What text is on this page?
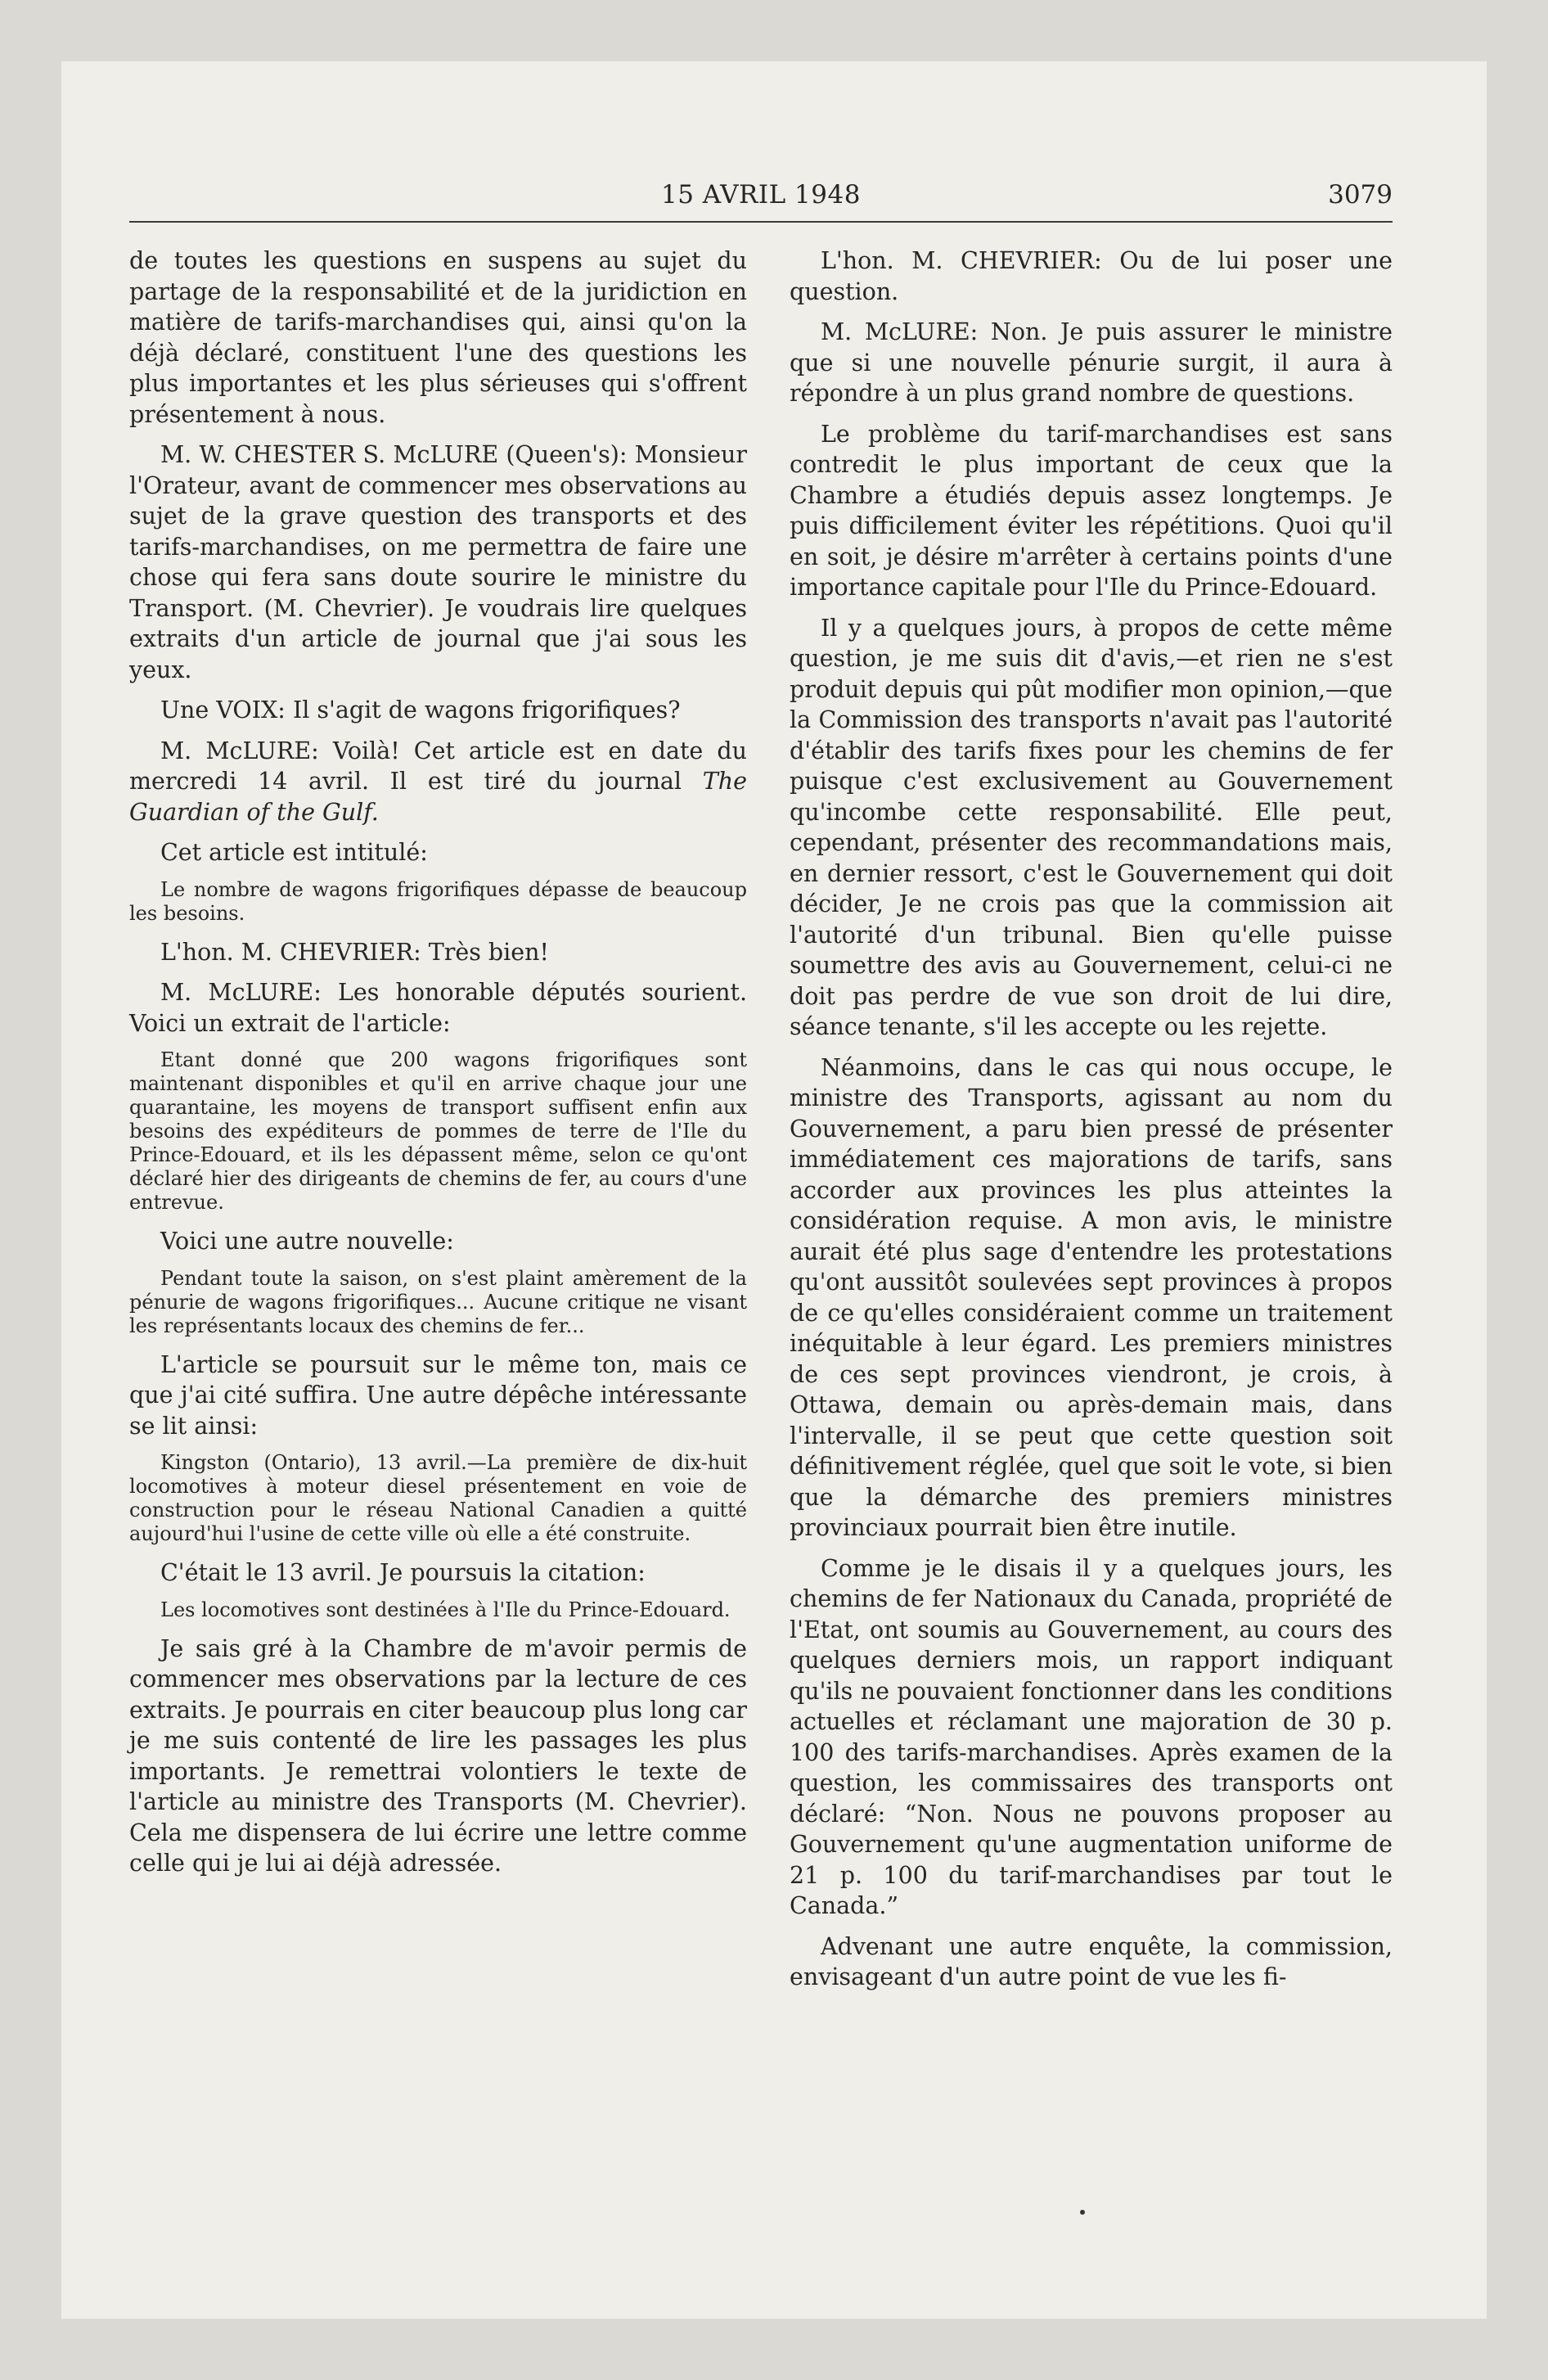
15 AVRIL 1948	3079

de toutes les questions en suspens au sujet du partage de la responsabilité et de la juridiction en matière de tarifs-marchandises qui, ainsi qu'on la déjà déclaré, constituent l'une des questions les plus importantes et les plus sérieuses qui s'offrent présentement à nous.

M. W. CHESTER S. McLURE (Queen's): Monsieur l'Orateur, avant de commencer mes observations au sujet de la grave question des transports et des tarifs-marchandises, on me permettra de faire une chose qui fera sans doute sourire le ministre du Transport. (M. Chevrier). Je voudrais lire quelques extraits d'un article de journal que j'ai sous les yeux.

Une VOIX: Il s'agit de wagons frigorifiques?

M. McLURE: Voilà! Cet article est en date du mercredi 14 avril. Il est tiré du journal The Guardian of the Gulf.

Cet article est intitulé:

Le nombre de wagons frigorifiques dépasse de beaucoup les besoins.

L'hon. M. CHEVRIER: Très bien!

M. McLURE: Les honorable députés sourient. Voici un extrait de l'article:

Etant donné que 200 wagons frigorifiques sont maintenant disponibles et qu'il en arrive chaque jour une quarantaine, les moyens de transport suffisent enfin aux besoins des expéditeurs de pommes de terre de l'Ile du Prince-Edouard, et ils les dépassent même, selon ce qu'ont déclaré hier des dirigeants de chemins de fer, au cours d'une entrevue.

Voici une autre nouvelle:

Pendant toute la saison, on s'est plaint amèrement de la pénurie de wagons frigorifiques... Aucune critique ne visant les représentants locaux des chemins de fer...

L'article se poursuit sur le même ton, mais ce que j'ai cité suffira. Une autre dépêche intéressante se lit ainsi:

Kingston (Ontario), 13 avril.—La première de dix-huit locomotives à moteur diesel présentement en voie de construction pour le réseau National Canadien a quitté aujourd'hui l'usine de cette ville où elle a été construite.

C'était le 13 avril. Je poursuis la citation:

Les locomotives sont destinées à l'Ile du Prince-Edouard.

Je sais gré à la Chambre de m'avoir permis de commencer mes observations par la lecture de ces extraits. Je pourrais en citer beaucoup plus long car je me suis contenté de lire les passages les plus importants. Je remettrai volontiers le texte de l'article au ministre des Transports (M. Chevrier). Cela me dispensera de lui écrire une lettre comme celle qui je lui ai déjà adressée.

L'hon. M. CHEVRIER: Ou de lui poser une question.

M. McLURE: Non. Je puis assurer le ministre que si une nouvelle pénurie surgit, il aura à répondre à un plus grand nombre de questions.

Le problème du tarif-marchandises est sans contredit le plus important de ceux que la Chambre a étudiés depuis assez longtemps. Je puis difficilement éviter les répétitions. Quoi qu'il en soit, je désire m'arrêter à certains points d'une importance capitale pour l'Ile du Prince-Edouard.

Il y a quelques jours, à propos de cette même question, je me suis dit d'avis,—et rien ne s'est produit depuis qui pût modifier mon opinion,—que la Commission des transports n'avait pas l'autorité d'établir des tarifs fixes pour les chemins de fer puisque c'est exclusivement au Gouvernement qu'incombe cette responsabilité. Elle peut, cependant, présenter des recommandations mais, en dernier ressort, c'est le Gouvernement qui doit décider, Je ne crois pas que la commission ait l'autorité d'un tribunal. Bien qu'elle puisse soumettre des avis au Gouvernement, celui-ci ne doit pas perdre de vue son droit de lui dire, séance tenante, s'il les accepte ou les rejette.

Néanmoins, dans le cas qui nous occupe, le ministre des Transports, agissant au nom du Gouvernement, a paru bien pressé de présenter immédiatement ces majorations de tarifs, sans accorder aux provinces les plus atteintes la considération requise. A mon avis, le ministre aurait été plus sage d'entendre les protestations qu'ont aussitôt soulevées sept provinces à propos de ce qu'elles considéraient comme un traitement inéquitable à leur égard. Les premiers ministres de ces sept provinces viendront, je crois, à Ottawa, demain ou après-demain mais, dans l'intervalle, il se peut que cette question soit définitivement réglée, quel que soit le vote, si bien que la démarche des premiers ministres provinciaux pourrait bien être inutile.

Comme je le disais il y a quelques jours, les chemins de fer Nationaux du Canada, propriété de l'Etat, ont soumis au Gouvernement, au cours des quelques derniers mois, un rapport indiquant qu'ils ne pouvaient fonctionner dans les conditions actuelles et réclamant une majoration de 30 p. 100 des tarifs-marchandises. Après examen de la question, les commissaires des transports ont déclaré: “Non. Nous ne pouvons proposer au Gouvernement qu'une augmentation uniforme de 21 p. 100 du tarif-marchandises par tout le Canada.”

Advenant une autre enquête, la commission, envisageant d'un autre point de vue les fi-
